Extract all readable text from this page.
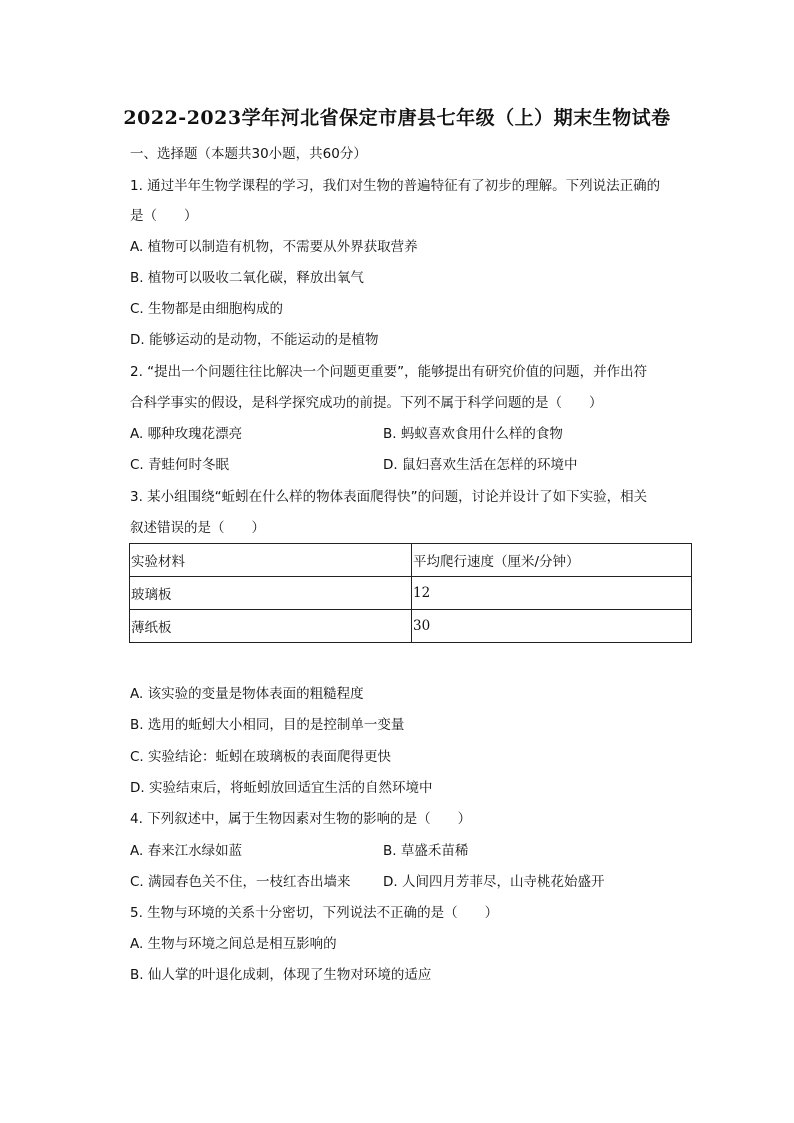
2022-2023学年河北省保定市唐县七年级（上）期末生物试卷
一、选择题（本题共30小题，共60分）
1. 通过半年生物学课程的学习，我们对生物的普遍特征有了初步的理解。下列说法正确的
是（　　）
A. 植物可以制造有机物，不需要从外界获取营养
B. 植物可以吸收二氧化碳，释放出氧气
C. 生物都是由细胞构成的
D. 能够运动的是动物，不能运动的是植物
2. “提出一个问题往往比解决一个问题更重要”，能够提出有研究价值的问题，并作出符
合科学事实的假设，是科学探究成功的前提。下列不属于科学问题的是（　　）
A. 哪种玫瑰花漂亮	B. 蚂蚁喜欢食用什么样的食物
C. 青蛙何时冬眠	D. 鼠妇喜欢生活在怎样的环境中
3. 某小组围绕“蚯蚓在什么样的物体表面爬得快”的问题，讨论并设计了如下实验，相关
叙述错误的是（　　）
实验材料	平均爬行速度（厘米/分钟）
玻璃板	12
薄纸板	30
A. 该实验的变量是物体表面的粗糙程度
B. 选用的蚯蚓大小相同，目的是控制单一变量
C. 实验结论：蚯蚓在玻璃板的表面爬得更快
D. 实验结束后，将蚯蚓放回适宜生活的自然环境中
4. 下列叙述中，属于生物因素对生物的影响的是（　　）
A. 春来江水绿如蓝	B. 草盛禾苗稀
C. 满园春色关不住，一枝红杏出墙来 D. 人间四月芳菲尽，山寺桃花始盛开
5. 生物与环境的关系十分密切，下列说法不正确的是（　　）
A. 生物与环境之间总是相互影响的
B. 仙人掌的叶退化成刺，体现了生物对环境的适应
